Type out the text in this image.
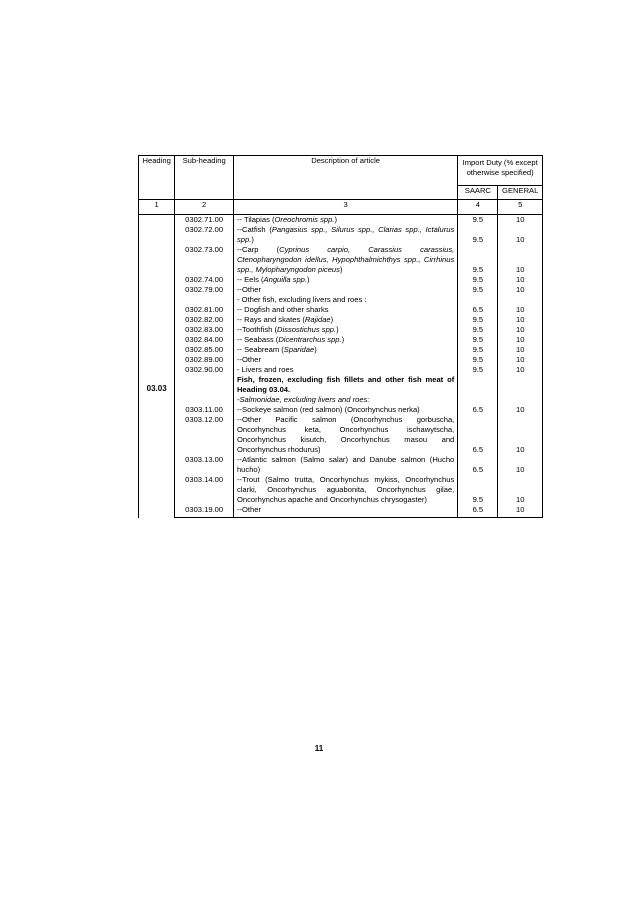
Heading	Sub-heading	Description of article	Import Duty (% except otherwise specified)	
			SAARC	GENERAL
1	2	3	4	5

03.03	0302.71.00	-- Tilapias (Oreochromis spp.)	9.5	10
	0302.72.00	--Catfish (Pangasius spp., Silurus spp., Clarias spp., Ictalurus spp.)	9.5	10
	0302.73.00	--Carp (Cyprinus carpio, Carassius carassius, Ctenopharyngodon idellus, Hypophthalmichthys spp., Cirrhinus spp., Mylopharyngodon piceus)	9.5	10
	0302.74.00	-- Eels (Anguilla spp.)	9.5	10
	0302.79.00	--Other	9.5	10
		- Other fish, excluding livers and roes :		
	0302.81.00	-- Dogfish and other sharks	6.5	10
	0302.82.00	-- Rays and skates (Rajidae)	9.5	10
	0302.83.00	--Toothfish (Dissostichus spp.)	9.5	10
	0302.84.00	-- Seabass (Dicentrarchus spp.)	9.5	10
	0302.85.00	-- Seabream (Sparidae)	9.5	10
	0302.89.00	--Other	9.5	10
	0302.90.00	- Livers and roes	9.5	10
		Fish, frozen, excluding fish fillets and other fish meat of Heading 03.04.		
		-Salmonidae, excluding livers and roes:		
	0303.11.00	--Sockeye salmon (red salmon) (Oncorhynchus nerka)	6.5	10
	0303.12.00	--Other Pacific salmon (Oncorhynchus gorbuscha, Oncorhynchus keta, Oncorhynchus ischawytscha, Oncorhynchus kisutch, Oncorhynchus masou and Oncorhynchus rhodurus)	6.5	10
	0303.13.00	--Atlantic salmon (Salmo salar) and Danube salmon (Hucho hucho)	6.5	10
	0303.14.00	--Trout (Salmo trutta, Oncorhynchus mykiss, Oncorhynchus clarki, Oncorhynchus aguabonita, Oncorhynchus gilae, Oncorhynchus apache and Oncorhynchus chrysogaster)	9.5	10
	0303.19.00	--Other	6.5	10
11
